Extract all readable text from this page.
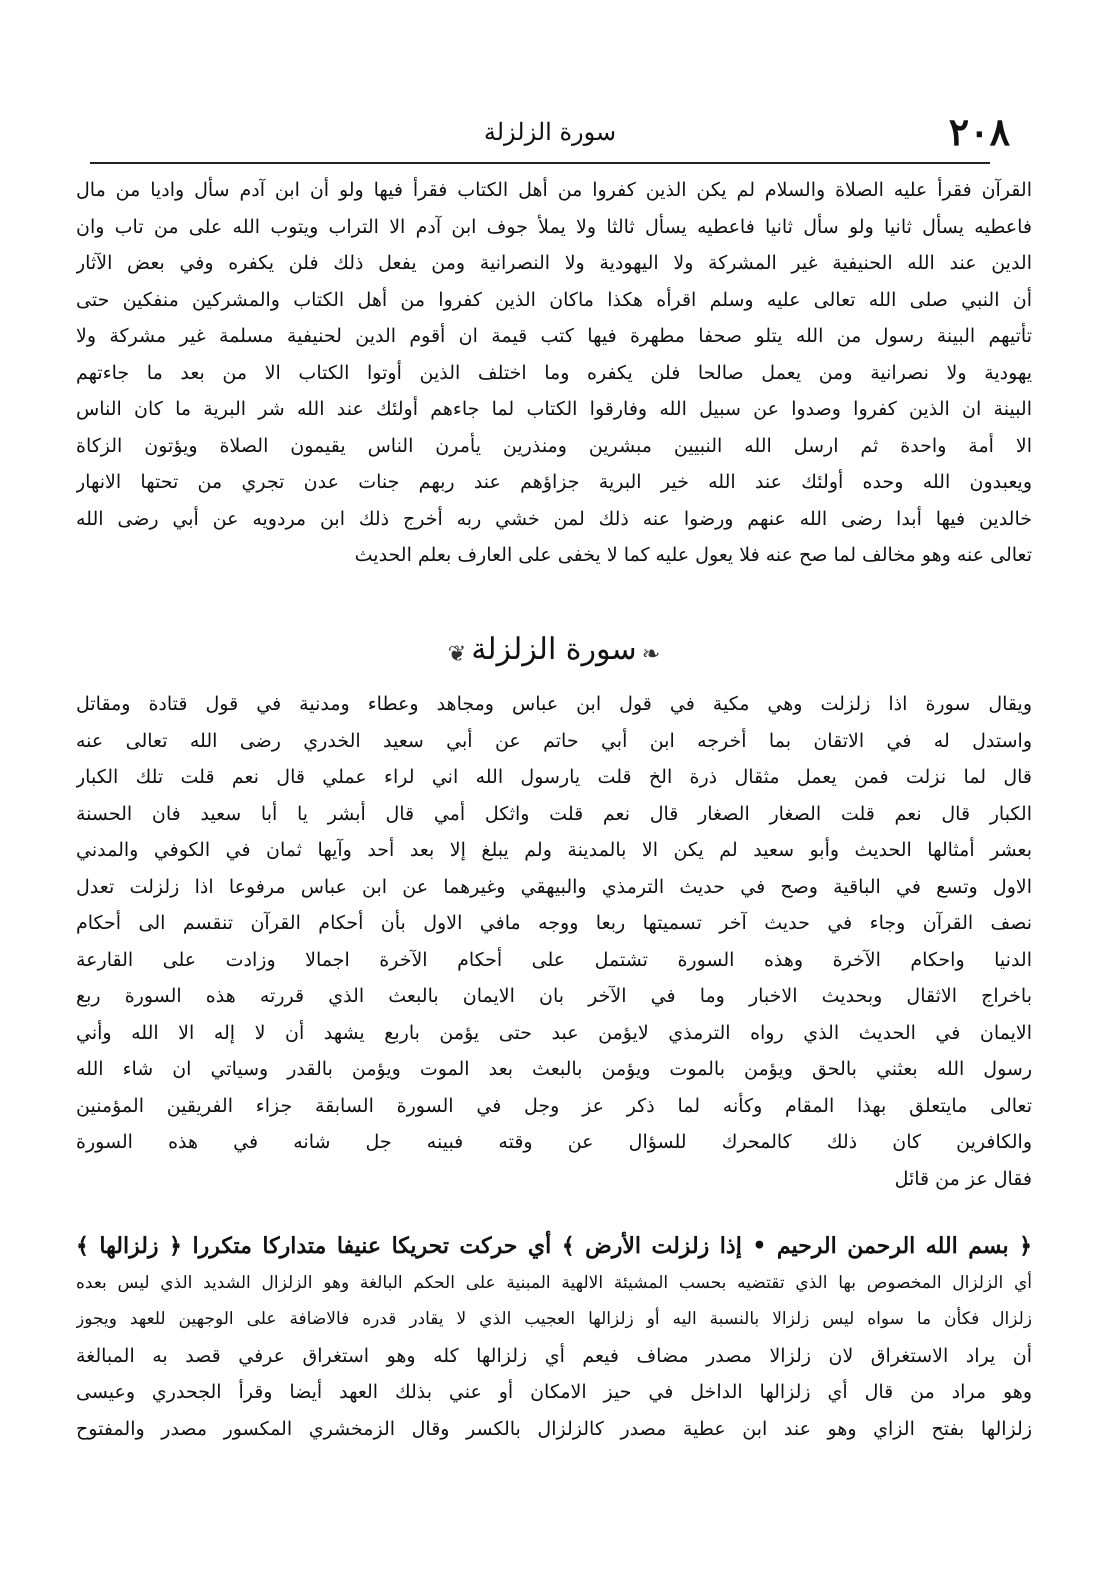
٢٠٨
سورة الزلزلة
القرآن فقرأ عليه الصلاة والسلام لم يكن الذين كفروا من أهل الكتاب فقرأ فيها ولو أن ابن آدم سأل واديا من مال
فاعطيه يسأل ثانيا ولو سأل ثانيا فاعطيه يسأل ثالثا ولا يملأ جوف ابن آدم الا التراب ويتوب الله على من تاب وان
الدين عند الله الحنيفية غير المشركة ولا اليهودية ولا النصرانية ومن يفعل ذلك فلن يكفره وفي بعض الآثار
أن النبي صلى الله تعالى عليه وسلم اقرأه هكذا ماكان الذين كفروا من أهل الكتاب والمشركين منفكين حتى
تأتيهم البينة رسول من الله يتلو صحفا مطهرة فيها كتب قيمة ان أقوم الدين لحنيفية مسلمة غير مشركة ولا
يهودية ولا نصرانية ومن يعمل صالحا فلن يكفره وما اختلف الذين أوتوا الكتاب الا من بعد ما جاءتهم
البينة ان الذين كفروا وصدوا عن سبيل الله وفارقوا الكتاب لما جاءهم أولئك عند الله شر البرية ما كان الناس
الا أمة واحدة ثم ارسل الله النبيين مبشرين ومنذرين يأمرن الناس يقيمون الصلاة ويؤتون الزكاة
ويعبدون الله وحده أولئك عند الله خير البرية جزاؤهم عند ربهم جنات عدن تجري من تحتها الانهار
خالدين فيها أبدا رضى الله عنهم ورضوا عنه ذلك لمن خشي ربه أخرج ذلك ابن مردويه عن أبي رضى الله
تعالى عنه وهو مخالف لما صح عنه فلا يعول عليه كما لا يخفى على العارف بعلم الحديث
❧ سورة الزلزلة ❦
ويقال سورة اذا زلزلت وهي مكية في قول ابن عباس ومجاهد وعطاء ومدنية في قول قتادة ومقاتل
واستدل له في الاتقان بما أخرجه ابن أبي حاتم عن أبي سعيد الخدري رضى الله تعالى عنه
قال لما نزلت فمن يعمل مثقال ذرة الخ قلت يارسول الله اني لراء عملي قال نعم قلت تلك الكبار
الكبار قال نعم قلت الصغار الصغار قال نعم قلت واثكل أمي قال أبشر يا أبا سعيد فان الحسنة
بعشر أمثالها الحديث وأبو سعيد لم يكن الا بالمدينة ولم يبلغ إلا بعد أحد وآيها ثمان في الكوفي والمدني
الاول وتسع في الباقية وصح في حديث الترمذي والبيهقي وغيرهما عن ابن عباس مرفوعا اذا زلزلت تعدل
نصف القرآن وجاء في حديث آخر تسميتها ربعا ووجه مافي الاول بأن أحكام القرآن تنقسم الى أحكام
الدنيا واحكام الآخرة وهذه السورة تشتمل على أحكام الآخرة اجمالا وزادت على القارعة
باخراج الاثقال وبحديث الاخبار وما في الآخر بان الايمان بالبعث الذي قررته هذه السورة ربع
الايمان في الحديث الذي رواه الترمذي لايؤمن عبد حتى يؤمن باربع يشهد أن لا إله الا الله وأني
رسول الله بعثني بالحق ويؤمن بالموت ويؤمن بالبعث بعد الموت ويؤمن بالقدر وسياتي ان شاء الله
تعالى مايتعلق بهذا المقام وكأنه لما ذكر عز وجل في السورة السابقة جزاء الفريقين المؤمنين
والكافرين كان ذلك كالمحرك للسؤال عن وقته فبينه جل شانه في هذه السورة
فقال عز من قائل
﴿ بسم الله الرحمن الرحيم • إذا زلزلت الأرض ﴾ أي حركت تحريكا عنيفا متداركا متكررا ﴿ زلزالها ﴾
أي الزلزال المخصوص بها الذي تقتضيه بحسب المشيئة الالهية المبنية على الحكم البالغة وهو الزلزال الشديد الذي ليس بعده
زلزال فكأن ما سواه ليس زلزالا بالنسبة اليه أو زلزالها العجيب الذي لا يقادر قدره فالاضافة على الوجهين للعهد ويجوز
أن يراد الاستغراق لان زلزالا مصدر مضاف فيعم أي زلزالها كله وهو استغراق عرفي قصد به المبالغة
وهو مراد من قال أي زلزالها الداخل في حيز الامكان أو عني بذلك العهد أيضا وقرأ الجحدري وعيسى
زلزالها بفتح الزاي وهو عند ابن عطية مصدر كالزلزال بالكسر وقال الزمخشري المكسور مصدر والمفتوح
